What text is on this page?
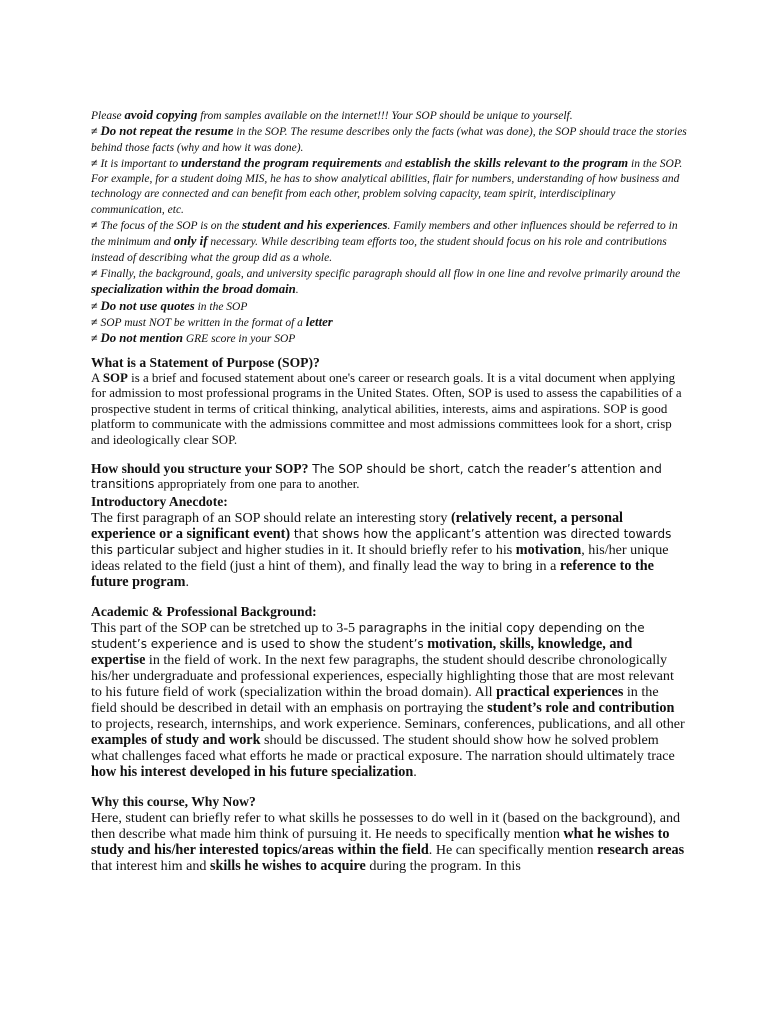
Please avoid copying from samples available on the internet!!! Your SOP should be unique to yourself.

≠ Do not repeat the resume in the SOP. The resume describes only the facts (what was done), the SOP should trace the stories behind those facts (why and how it was done).

≠ It is important to understand the program requirements and establish the skills relevant to the program in the SOP. For example, for a student doing MIS, he has to show analytical abilities, flair for numbers, understanding of how business and technology are connected and can benefit from each other, problem solving capacity, team spirit, interdisciplinary communication, etc.

≠ The focus of the SOP is on the student and his experiences. Family members and other influences should be referred to in the minimum and only if necessary. While describing team efforts too, the student should focus on his role and contributions instead of describing what the group did as a whole.

≠ Finally, the background, goals, and university specific paragraph should all flow in one line and revolve primarily around the specialization within the broad domain.

≠ Do not use quotes in the SOP

≠ SOP must NOT be written in the format of a letter

≠ Do not mention GRE score in your SOP

What is a Statement of Purpose (SOP)?

A SOP is a brief and focused statement about one's career or research goals. It is a vital document when applying for admission to most professional programs in the United States. Often, SOP is used to assess the capabilities of a prospective student in terms of critical thinking, analytical abilities, interests, aims and aspirations. SOP is good platform to communicate with the admissions committee and most admissions committees look for a short, crisp and ideologically clear SOP.

How should you structure your SOP? The SOP should be short, catch the reader’s attention and transitions appropriately from one para to another.

Introductory Anecdote:

The first paragraph of an SOP should relate an interesting story (relatively recent, a personal experience or a significant event) that shows how the applicant’s attention was directed towards this particular subject and higher studies in it. It should briefly refer to his motivation, his/her unique ideas related to the field (just a hint of them), and finally lead the way to bring in a reference to the future program.

Academic & Professional Background:

This part of the SOP can be stretched up to 3-5 paragraphs in the initial copy depending on the student’s experience and is used to show the student’s motivation, skills, knowledge, and expertise in the field of work. In the next few paragraphs, the student should describe chronologically his/her undergraduate and professional experiences, especially highlighting those that are most relevant to his future field of work (specialization within the broad domain). All practical experiences in the field should be described in detail with an emphasis on portraying the student’s role and contribution to projects, research, internships, and work experience. Seminars, conferences, publications, and all other examples of study and work should be discussed. The student should show how he solved problem what challenges faced what efforts he made or practical exposure. The narration should ultimately trace how his interest developed in his future specialization.

Why this course, Why Now?

Here, student can briefly refer to what skills he possesses to do well in it (based on the background), and then describe what made him think of pursuing it. He needs to specifically mention what he wishes to study and his/her interested topics/areas within the field. He can specifically mention research areas that interest him and skills he wishes to acquire during the program. In this
